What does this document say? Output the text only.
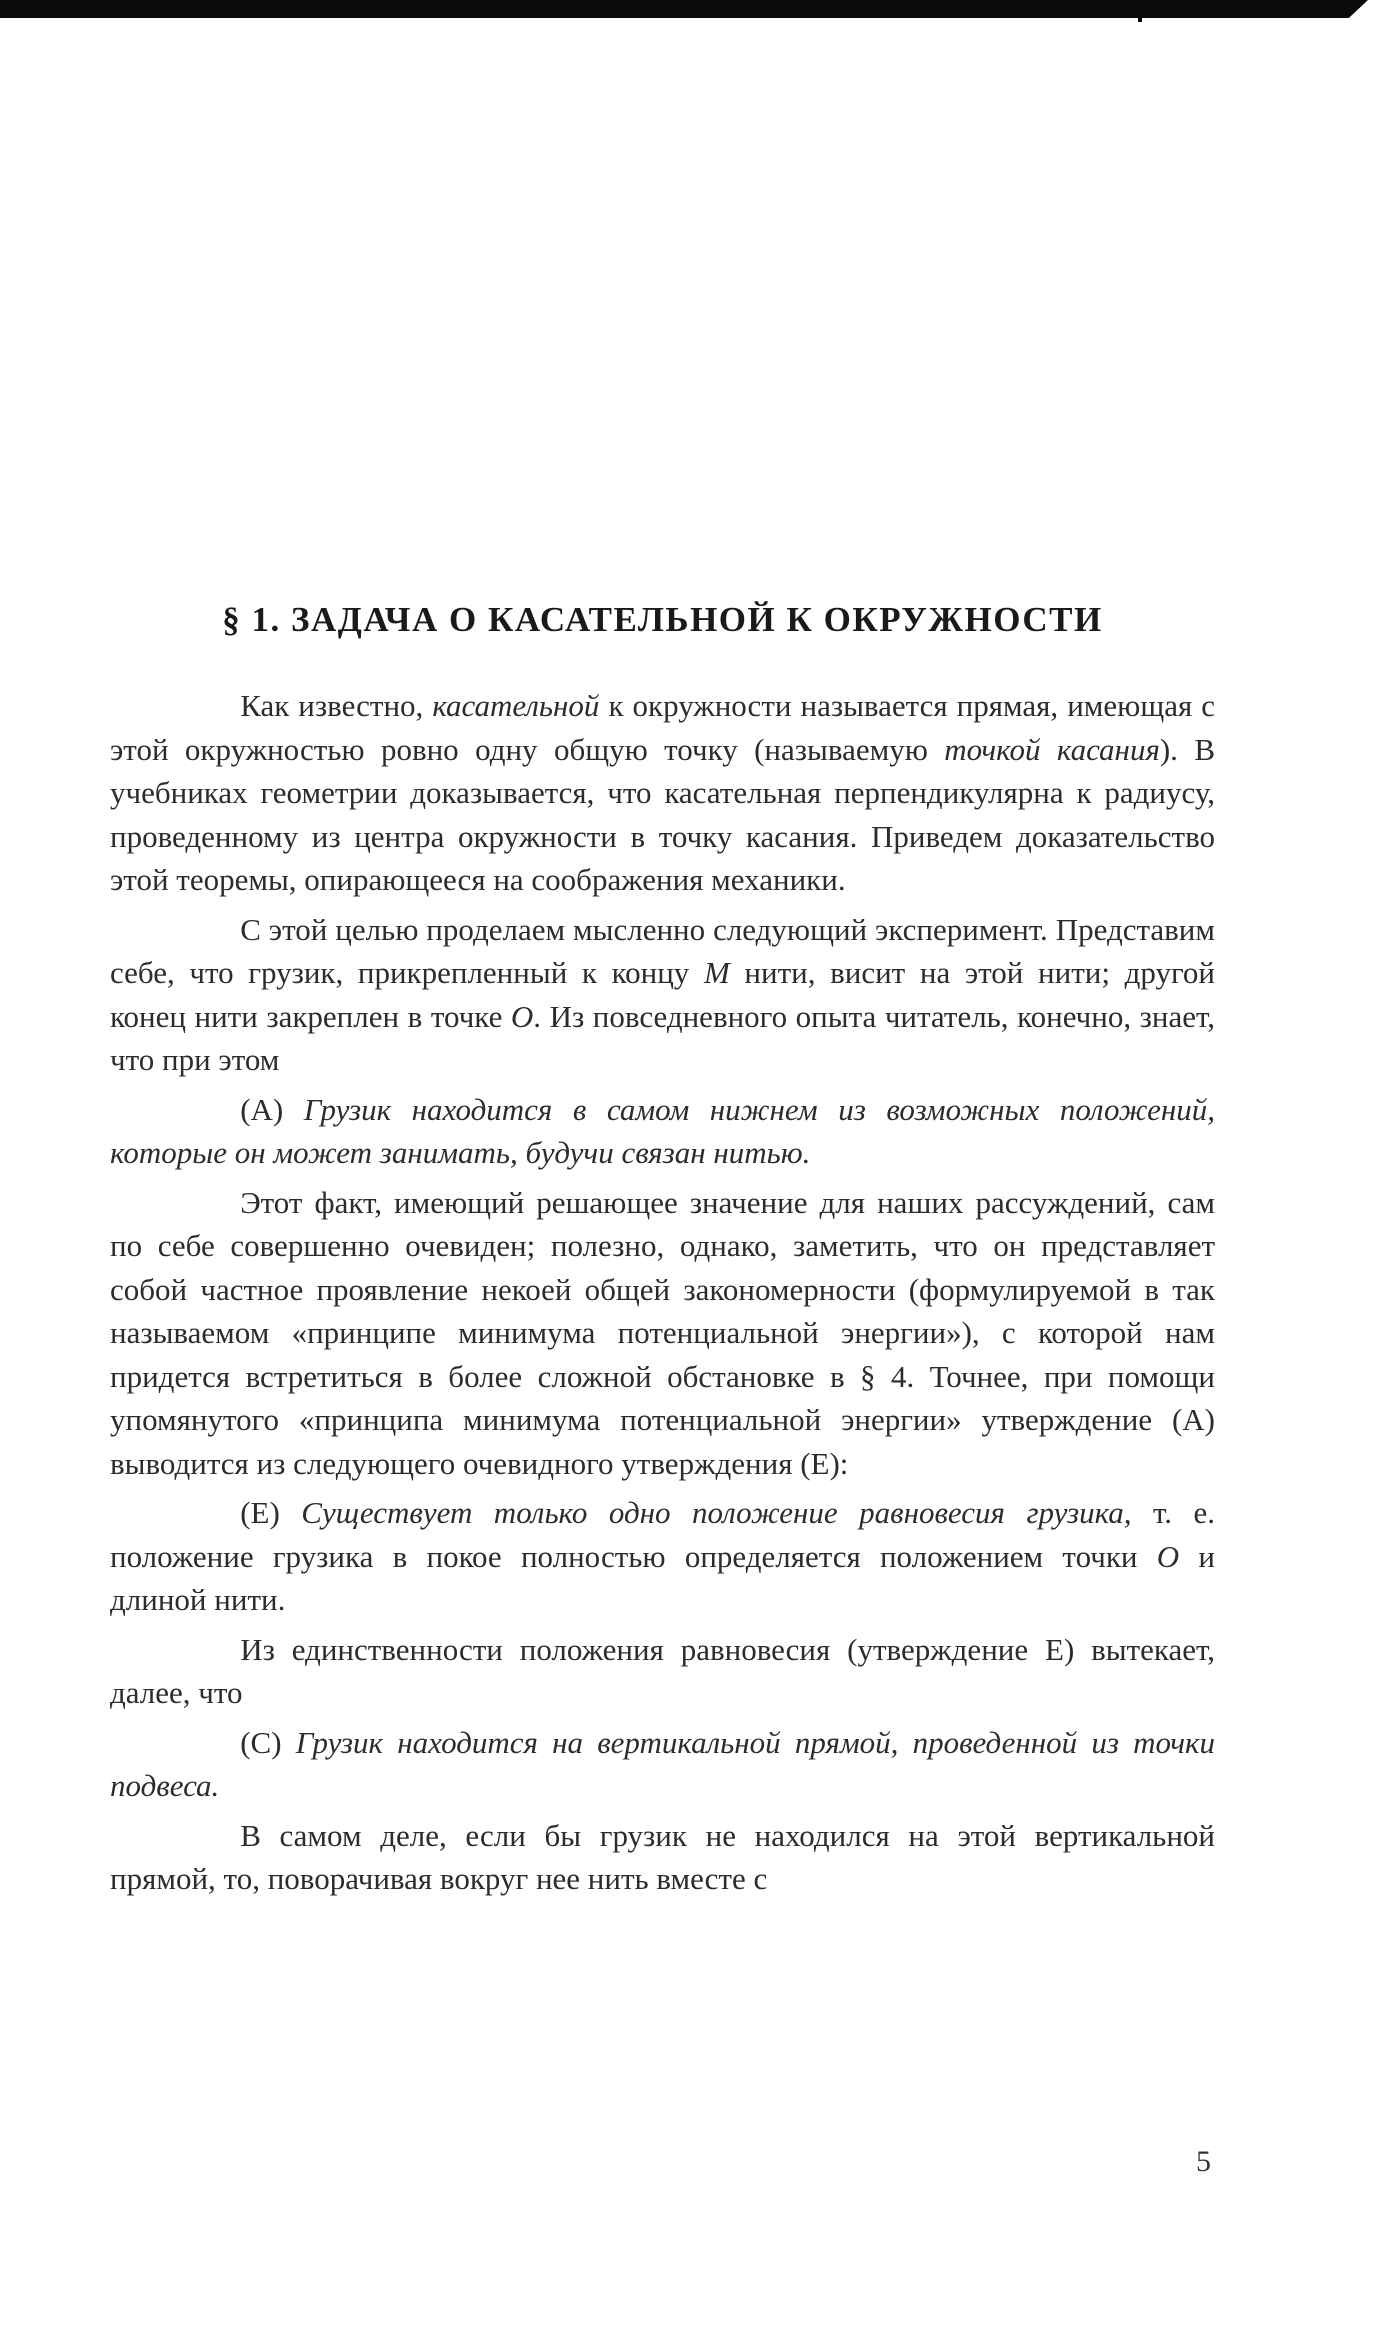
§ 1. ЗАДАЧА О КАСАТЕЛЬНОЙ К ОКРУЖНОСТИ

Как известно, касательной к окружности называется прямая, имеющая с этой окружностью ровно одну общую точку (называемую точкой касания). В учебниках геометрии доказывается, что касательная перпендикулярна к радиусу, проведенному из центра окружности в точку касания. Приведем доказательство этой теоремы, опирающееся на соображения механики.

С этой целью проделаем мысленно следующий эксперимент. Представим себе, что грузик, прикрепленный к концу М нити, висит на этой нити; другой конец нити закреплен в точке О. Из повседневного опыта читатель, конечно, знает, что при этом

(А) Грузик находится в самом нижнем из возможных положений, которые он может занимать, будучи связан нитью.

Этот факт, имеющий решающее значение для наших рассуждений, сам по себе совершенно очевиден; полезно, однако, заметить, что он представляет собой частное проявление некоей общей закономерности (формулируемой в так называемом «принципе минимума потенциальной энергии»), с которой нам придется встретиться в более сложной обстановке в § 4. Точнее, при помощи упомянутого «принципа минимума потенциальной энергии» утверждение (А) выводится из следующего очевидного утверждения (Е):

(Е) Существует только одно положение равновесия грузика, т. е. положение грузика в покое полностью определяется положением точки О и длиной нити.

Из единственности положения равновесия (утверждение Е) вытекает, далее, что

(С) Грузик находится на вертикальной прямой, проведенной из точки подвеса.

В самом деле, если бы грузик не находился на этой вертикальной прямой, то, поворачивая вокруг нее нить вместе с

5
